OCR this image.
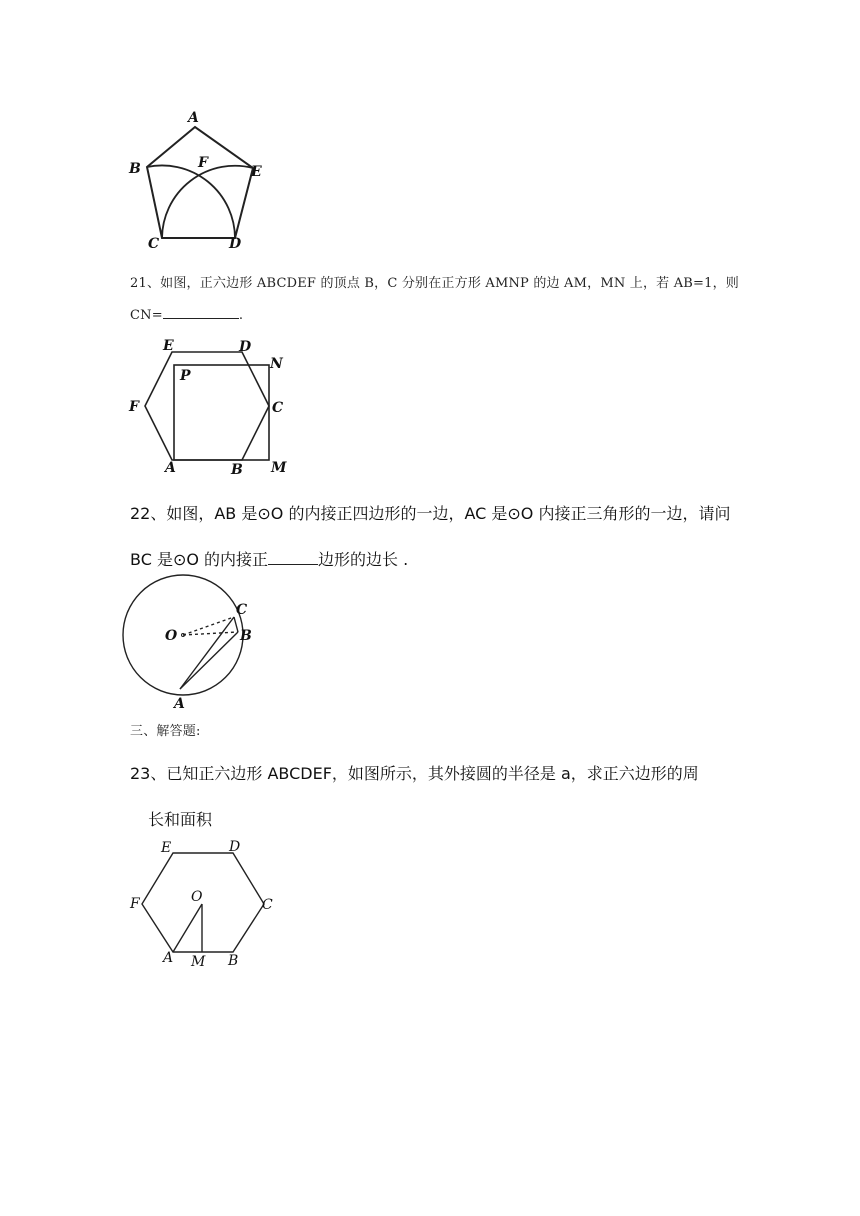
A
B	F
E
C	D
21、如图，正六边形 ABCDEF 的顶点 B，C 分别在正方形 AMNP 的边 AM，MN 上，若 AB=1，则
CN=	.
E	D
N
P
F	C
A	B M
22、如图，AB 是⊙O 的内接正四边形的一边，AC 是⊙O 内接正三角形的一边，请问
BC 是⊙O 的内接正	边形的边长 .
C
O	B
A
三、解答题:
23、已知正六边形 ABCDEF，如图所示，其外接圆的半径是 a，求正六边形的周
长和面积
E	D
O
F	C
A M B
